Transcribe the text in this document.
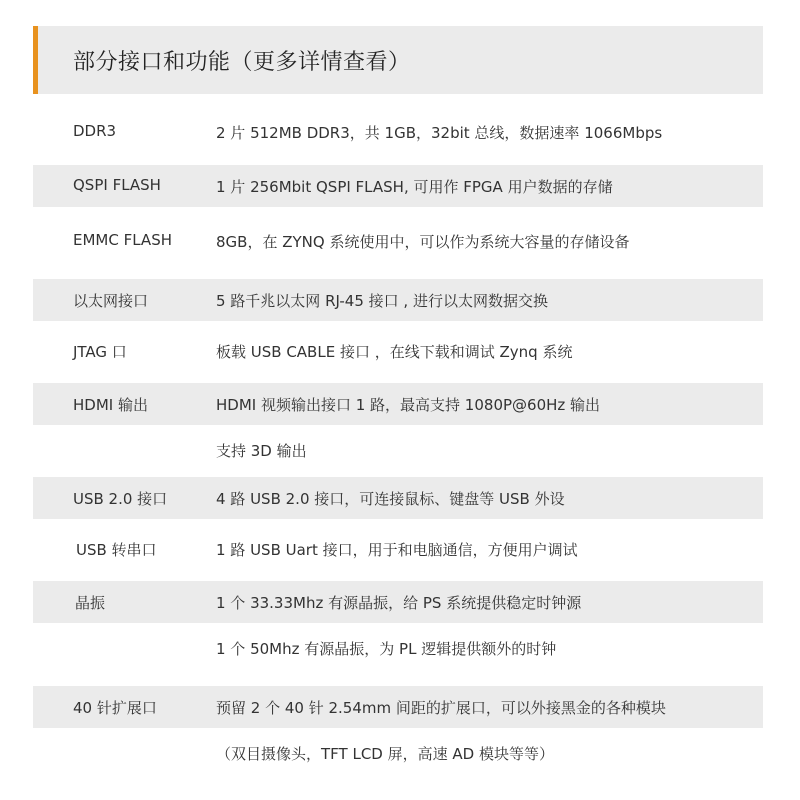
部分接口和功能（更多详情查看）
DDR3	2 片 512MB DDR3，共 1GB，32bit 总线，数据速率 1066Mbps
QSPI FLASH	1 片 256Mbit QSPI FLASH, 可用作 FPGA 用户数据的存储
EMMC FLASH	8GB，在 ZYNQ 系统使用中，可以作为系统大容量的存储设备
以太网接口	5 路千兆以太网 RJ-45 接口 , 进行以太网数据交换
JTAG 口	板载 USB CABLE 接口 ，在线下载和调试 Zynq 系统
HDMI 输出	HDMI 视频输出接口 1 路，最高支持 1080P@60Hz 输出
支持 3D 输出
USB 2.0 接口	4 路 USB 2.0 接口，可连接鼠标、键盘等 USB 外设
USB 转串口	1 路 USB Uart 接口，用于和电脑通信，方便用户调试
晶振	1 个 33.33Mhz 有源晶振，给 PS 系统提供稳定时钟源
1 个 50Mhz 有源晶振，为 PL 逻辑提供额外的时钟
40 针扩展口	预留 2 个 40 针 2.54mm 间距的扩展口，可以外接黑金的各种模块
（双目摄像头，TFT LCD 屏，高速 AD 模块等等）
